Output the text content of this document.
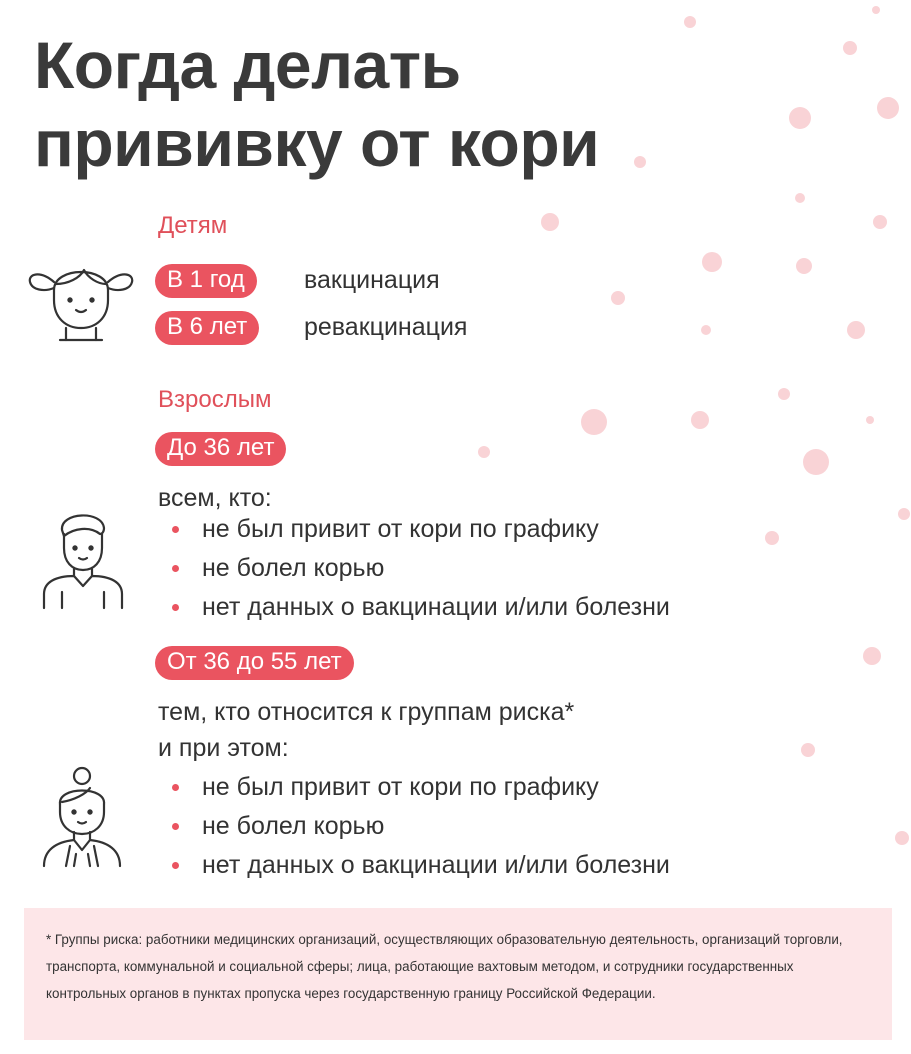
Когда делать
прививку от кори
Детям
В 1 год	вакцинация
В 6 лет	ревакцинация
Взрослым
До 36 лет
всем, кто:
не был привит от кори по графику
не болел корью
нет данных о вакцинации и/или болезни
От 36 до 55 лет
тем, кто относится к группам риска*
и при этом:
не был привит от кори по графику
не болел корью
нет данных о вакцинации и/или болезни

* Группы риска: работники медицинских организаций, осуществляющих образовательную деятельность, организаций торговли, транспорта, коммунальной и социальной сферы; лица, работающие вахтовым методом, и сотрудники государственных контрольных органов в пунктах пропуска через государственную границу Российской Федерации.
